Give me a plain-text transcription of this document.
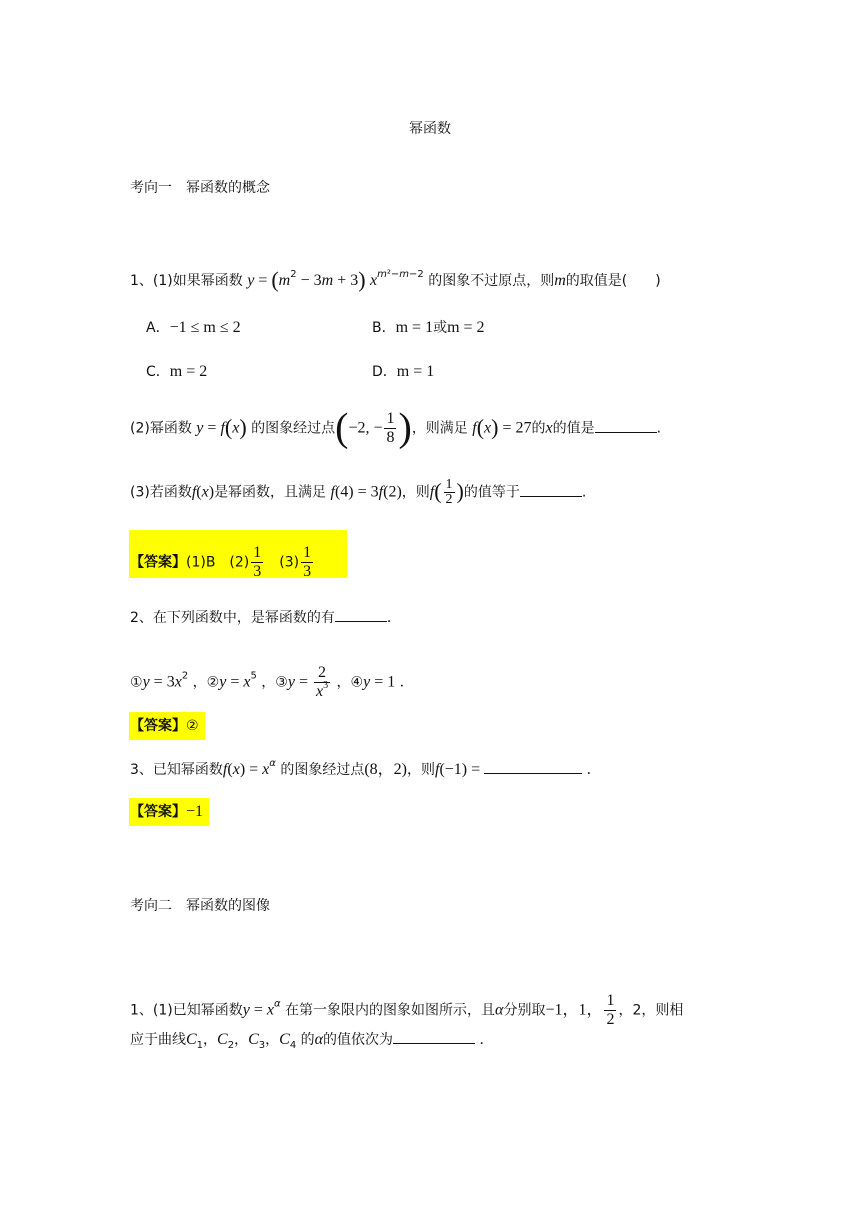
幂函数
考向一　幂函数的概念
1、(1)如果幂函数 $y = (m^2 - 3m + 3)$ $x^{m^2-m-2}$ 的图象不过原点，则m的取值是(　　)
A．−1 ≤ m ≤ 2	B．m = 1或m = 2
C．m = 2	D．m = 1
(2)幂函数 y = f(x) 的图象经过点(−2, − $\frac{1}{8}$ )，则满足 f(x) = 27的x的值是	.
(3)若函数f(x)是幂函数，且满足 f(4) = 3f(2)，则$f( \frac{1}{2}$ )的值等于	.
【答案】(1)B　$(2) \frac{1}{3}$ 　$(3) \frac{1}{3}$
2、在下列函数中，是幂函数的有	．
①y = $3x^2$ ，②y = $x^5$ ，③y = $\frac{2}{x^3}$ ，④y = 1 ．
【答案】②
3、已知幂函数$f(x) = x^\alpha$ 的图象经过点(8，2)，则f(−1) =	．
【答案】−1
考向二　幂函数的图像
1、(1)已知幂函数$y = x^\alpha$ 在第一象限内的图象如图所示，且α分别取−1，1， $\frac{1}{2}$ ，2，则相
应于曲线$C_1$，$C_2$，$C_3$，$C_4$ 的α的值依次为	．
